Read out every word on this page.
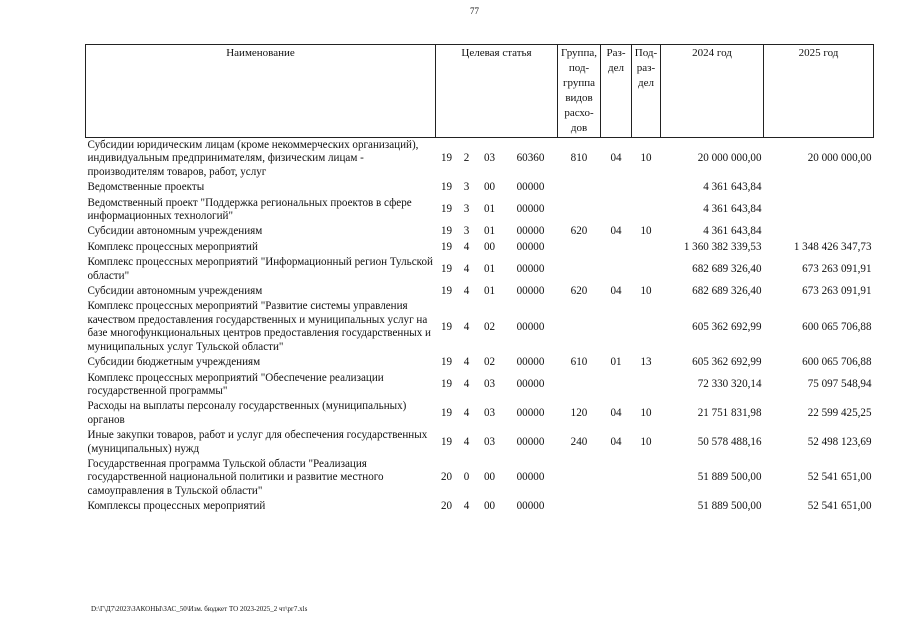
77
Наименование	Целевая статья				Группа, под- группа видов расхо- дов	Раз- дел	Под- раз- дел	2024 год	2025 год
Субсидии юридическим лицам (кроме некоммерческих организаций), индивидуальным предпринимателям, физическим лицам - производителям товаров, работ, услуг	19	2	03	60360	810	04	10	20 000 000,00	20 000 000,00
Ведомственные проекты	19	3	00	00000				4 361 643,84	
Ведомственный проект "Поддержка региональных проектов в сфере информационных технологий"	19	3	01	00000				4 361 643,84	
Субсидии автономным учреждениям	19	3	01	00000	620	04	10	4 361 643,84	
Комплекс процессных мероприятий	19	4	00	00000				1 360 382 339,53	1 348 426 347,73
Комплекс процессных мероприятий "Информационный регион Тульской области"	19	4	01	00000				682 689 326,40	673 263 091,91
Субсидии автономным учреждениям	19	4	01	00000	620	04	10	682 689 326,40	673 263 091,91
Комплекс процессных мероприятий "Развитие системы управления качеством предоставления государственных и муниципальных услуг на базе многофункциональных центров предоставления государственных и муниципальных услуг Тульской области"	19	4	02	00000				605 362 692,99	600 065 706,88
Субсидии бюджетным учреждениям	19	4	02	00000	610	01	13	605 362 692,99	600 065 706,88
Комплекс процессных мероприятий "Обеспечение реализации государственной программы"	19	4	03	00000				72 330 320,14	75 097 548,94
Расходы на выплаты персоналу государственных (муниципальных) органов	19	4	03	00000	120	04	10	21 751 831,98	22 599 425,25
Иные закупки товаров, работ и услуг для обеспечения государственных (муниципальных) нужд	19	4	03	00000	240	04	10	50 578 488,16	52 498 123,69
Государственная программа Тульской области "Реализация государственной национальной политики и развитие местного самоуправления в Тульской области"	20	0	00	00000				51 889 500,00	52 541 651,00
Комплексы процессных мероприятий	20	4	00	00000				51 889 500,00	52 541 651,00
D:\Г\Д7\2023\ЗАКОНЫ\ЗАС_50\Изм. бюджет ТО 2023-2025_2 чт\рг7.xls
